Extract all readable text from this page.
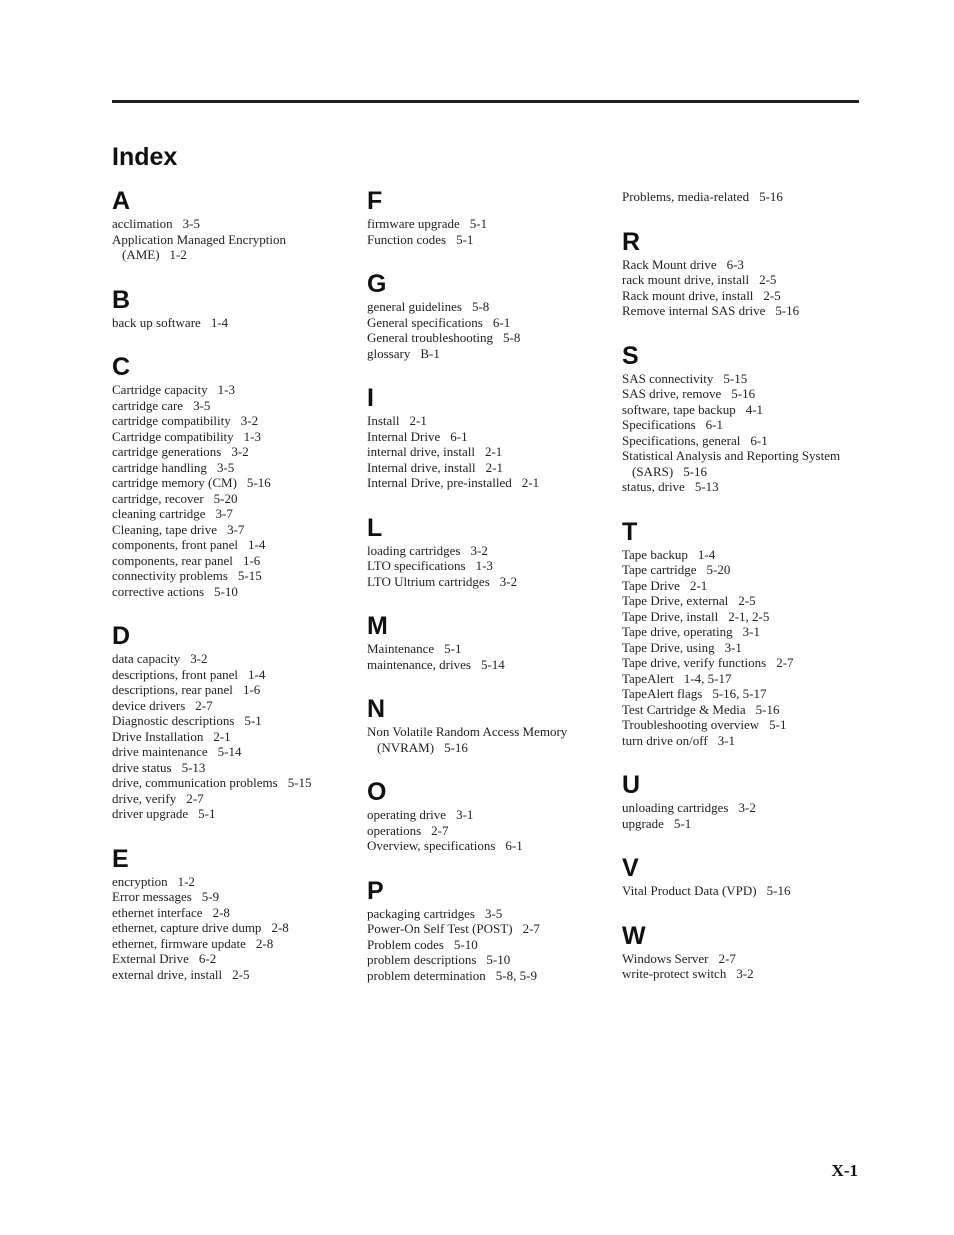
Index
A
acclimation 3-5
Application Managed Encryption
(AME) 1-2
B
back up software 1-4
C
Cartridge capacity 1-3
cartridge care 3-5
cartridge compatibility 3-2
Cartridge compatibility 1-3
cartridge generations 3-2
cartridge handling 3-5
cartridge memory (CM) 5-16
cartridge, recover 5-20
cleaning cartridge 3-7
Cleaning, tape drive 3-7
components, front panel 1-4
components, rear panel 1-6
connectivity problems 5-15
corrective actions 5-10
D
data capacity 3-2
descriptions, front panel 1-4
descriptions, rear panel 1-6
device drivers 2-7
Diagnostic descriptions 5-1
Drive Installation 2-1
drive maintenance 5-14
drive status 5-13
drive, communication problems 5-15
drive, verify 2-7
driver upgrade 5-1
E
encryption 1-2
Error messages 5-9
ethernet interface 2-8
ethernet, capture drive dump 2-8
ethernet, firmware update 2-8
External Drive 6-2
external drive, install 2-5
F
firmware upgrade 5-1
Function codes 5-1
G
general guidelines 5-8
General specifications 6-1
General troubleshooting 5-8
glossary B-1
I
Install 2-1
Internal Drive 6-1
internal drive, install 2-1
Internal drive, install 2-1
Internal Drive, pre-installed 2-1
L
loading cartridges 3-2
LTO specifications 1-3
LTO Ultrium cartridges 3-2
M
Maintenance 5-1
maintenance, drives 5-14
N
Non Volatile Random Access Memory
(NVRAM) 5-16
O
operating drive 3-1
operations 2-7
Overview, specifications 6-1
P
packaging cartridges 3-5
Power-On Self Test (POST) 2-7
Problem codes 5-10
problem descriptions 5-10
problem determination 5-8, 5-9
Problems, media-related 5-16
R
Rack Mount drive 6-3
rack mount drive, install 2-5
Rack mount drive, install 2-5
Remove internal SAS drive 5-16
S
SAS connectivity 5-15
SAS drive, remove 5-16
software, tape backup 4-1
Specifications 6-1
Specifications, general 6-1
Statistical Analysis and Reporting System
(SARS) 5-16
status, drive 5-13
T
Tape backup 1-4
Tape cartridge 5-20
Tape Drive 2-1
Tape Drive, external 2-5
Tape Drive, install 2-1, 2-5
Tape drive, operating 3-1
Tape Drive, using 3-1
Tape drive, verify functions 2-7
TapeAlert 1-4, 5-17
TapeAlert flags 5-16, 5-17
Test Cartridge & Media 5-16
Troubleshooting overview 5-1
turn drive on/off 3-1
U
unloading cartridges 3-2
upgrade 5-1
V
Vital Product Data (VPD) 5-16
W
Windows Server 2-7
write-protect switch 3-2
X-1
